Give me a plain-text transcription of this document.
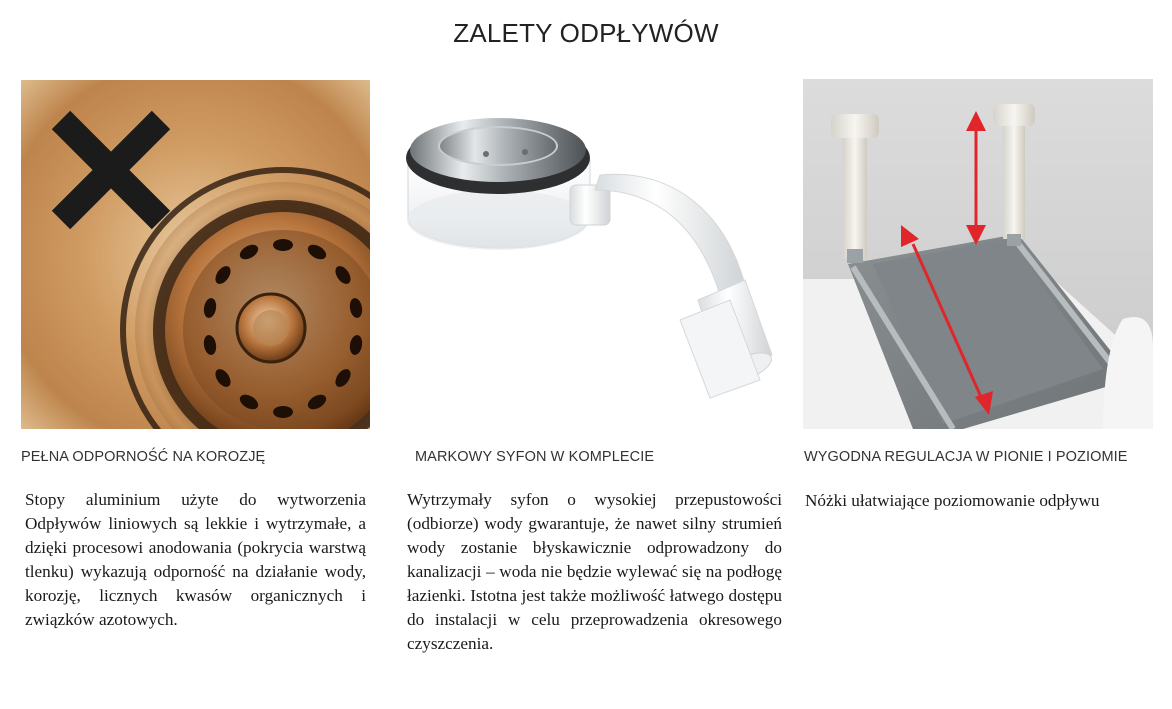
ZALETY ODPŁYWÓW
PEŁNA ODPORNOŚĆ NA KOROZJĘ
Stopy aluminium użyte do wytworzenia Odpływów liniowych są lekkie i wytrzymałe, a dzięki procesowi anodowania (pokrycia warstwą tlenku) wykazują odporność na działanie wody, korozję, licznych kwasów organicznych i związków azotowych.
MARKOWY SYFON W KOMPLECIE
Wytrzymały syfon o wysokiej przepustowości (odbiorze) wody gwarantuje, że nawet silny strumień wody zostanie błyskawicznie odprowadzony do kanalizacji – woda nie będzie wylewać się na podłogę łazienki. Istotna jest także możliwość łatwego dostępu do instalacji w celu przeprowadzenia okresowego czyszczenia.
WYGODNA REGULACJA W PIONIE I POZIOMIE
Nóżki ułatwiające poziomowanie odpływu
